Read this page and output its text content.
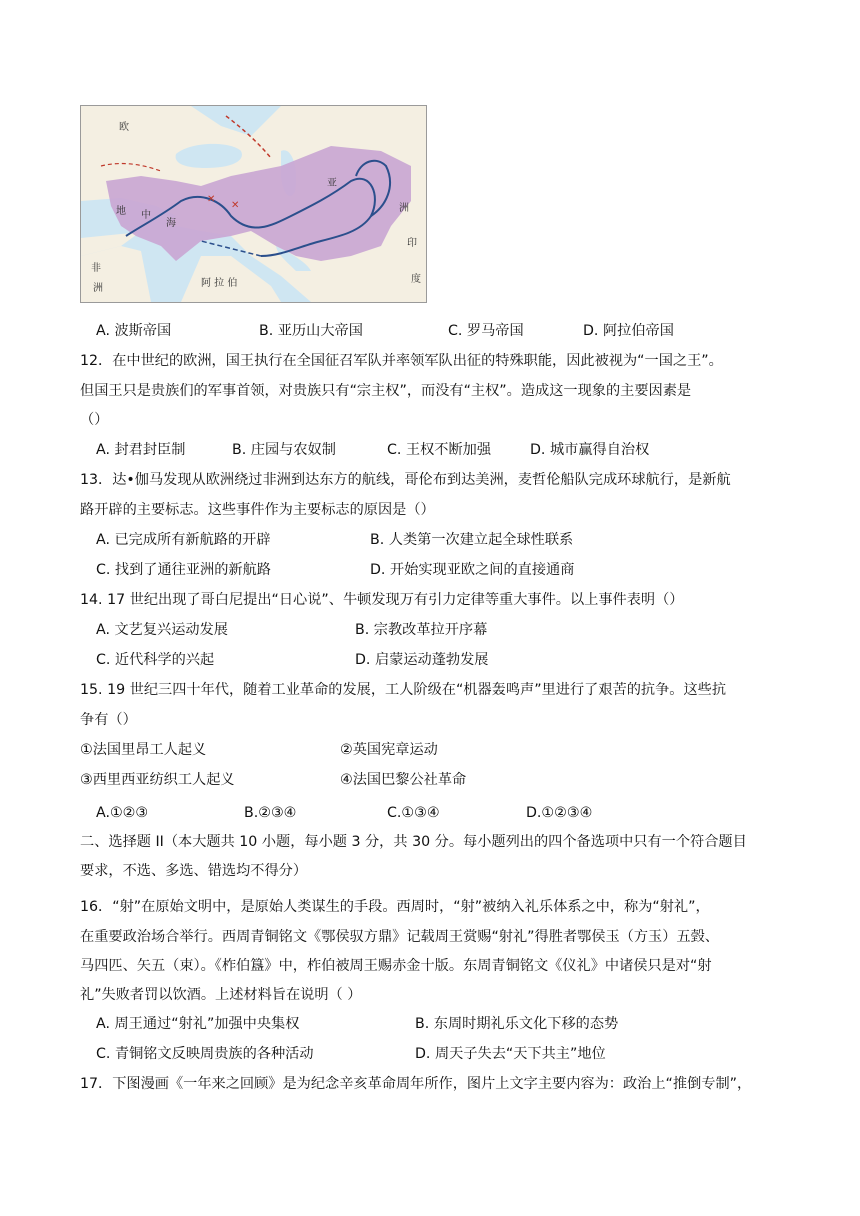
✕
✕
欧
地 中
海
亚
洲
印
度
阿 拉 伯
非
洲
A. 波斯帝国	B. 亚历山大帝国	C. 罗马帝国	D. 阿拉伯帝国
12．在中世纪的欧洲，国王执行在全国征召军队并率领军队出征的特殊职能，因此被视为“一国之王”。
但国王只是贵族们的军事首领，对贵族只有“宗主权”，而没有“主权”。造成这一现象的主要因素是
（）
A. 封君封臣制	B. 庄园与农奴制	C. 王权不断加强	D. 城市赢得自治权
13．达•伽马发现从欧洲绕过非洲到达东方的航线，哥伦布到达美洲，麦哲伦船队完成环球航行，是新航
路开辟的主要标志。这些事件作为主要标志的原因是（）
A. 已完成所有新航路的开辟	B. 人类第一次建立起全球性联系
C. 找到了通往亚洲的新航路	D. 开始实现亚欧之间的直接通商
14. 17 世纪出现了哥白尼提出“日心说”、牛顿发现万有引力定律等重大事件。以上事件表明（）
A. 文艺复兴运动发展	B. 宗教改革拉开序幕
C. 近代科学的兴起	D. 启蒙运动蓬勃发展
15. 19 世纪三四十年代，随着工业革命的发展，工人阶级在“机器轰鸣声”里进行了艰苦的抗争。这些抗
争有（）
①法国里昂工人起义	②英国宪章运动
③西里西亚纺织工人起义	④法国巴黎公社革命
A.①②③	B.②③④	C.①③④	D.①②③④
二、选择题 II（本大题共 10 小题，每小题 3 分，共 30 分。每小题列出的四个备选项中只有一个符合题目
要求，不选、多选、错选均不得分）
16．“射”在原始文明中，是原始人类谋生的手段。西周时，“射”被纳入礼乐体系之中，称为“射礼”，
在重要政治场合举行。西周青铜铭文《鄂侯驭方鼎》记载周王赏赐“射礼”得胜者鄂侯玉（方玉）五瑴、
马四匹、矢五（束）。《柞伯簋》中，柞伯被周王赐赤金十版。东周青铜铭文《仪礼》中诸侯只是对“射
礼”失败者罚以饮酒。上述材料旨在说明（ ）
A. 周王通过“射礼”加强中央集权	B. 东周时期礼乐文化下移的态势
C. 青铜铭文反映周贵族的各种活动	D. 周天子失去“天下共主”地位
17．下图漫画《一年来之回顾》是为纪念辛亥革命周年所作，图片上文字主要内容为：政治上“推倒专制”，
